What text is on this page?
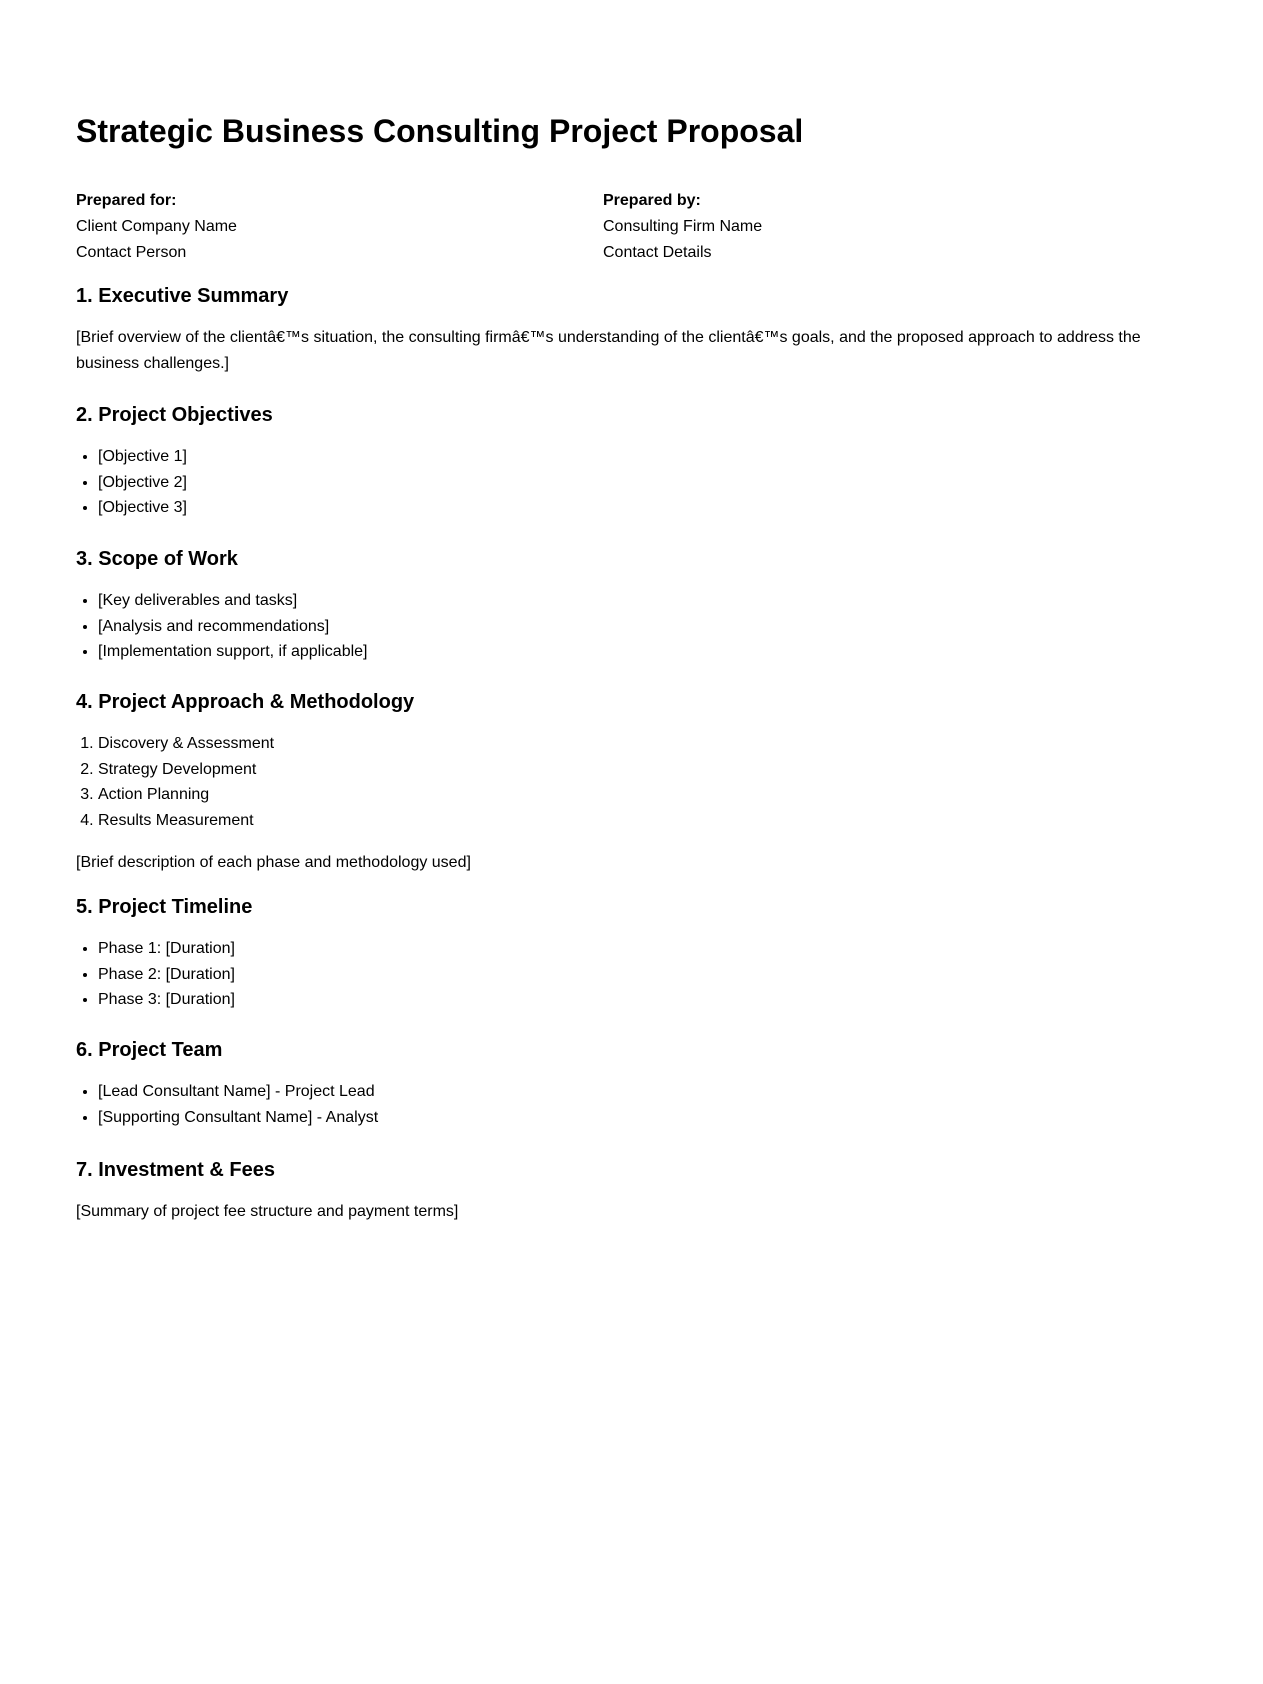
Strategic Business Consulting Project Proposal
Prepared for:
Client Company Name
Contact Person
Prepared by:
Consulting Firm Name
Contact Details
1. Executive Summary

[Brief overview of the clientâ€™s situation, the consulting firmâ€™s understanding of the clientâ€™s goals, and the proposed approach to address the business challenges.]

2. Project Objectives
• [Objective 1]
• [Objective 2]
• [Objective 3]
3. Scope of Work
• [Key deliverables and tasks]
• [Analysis and recommendations]
• [Implementation support, if applicable]
4. Project Approach & Methodology
1. Discovery & Assessment
2. Strategy Development
3. Action Planning
4. Results Measurement

[Brief description of each phase and methodology used]

5. Project Timeline
• Phase 1: [Duration]
• Phase 2: [Duration]
• Phase 3: [Duration]
6. Project Team
• [Lead Consultant Name] - Project Lead
• [Supporting Consultant Name] - Analyst
7. Investment & Fees

[Summary of project fee structure and payment terms]
